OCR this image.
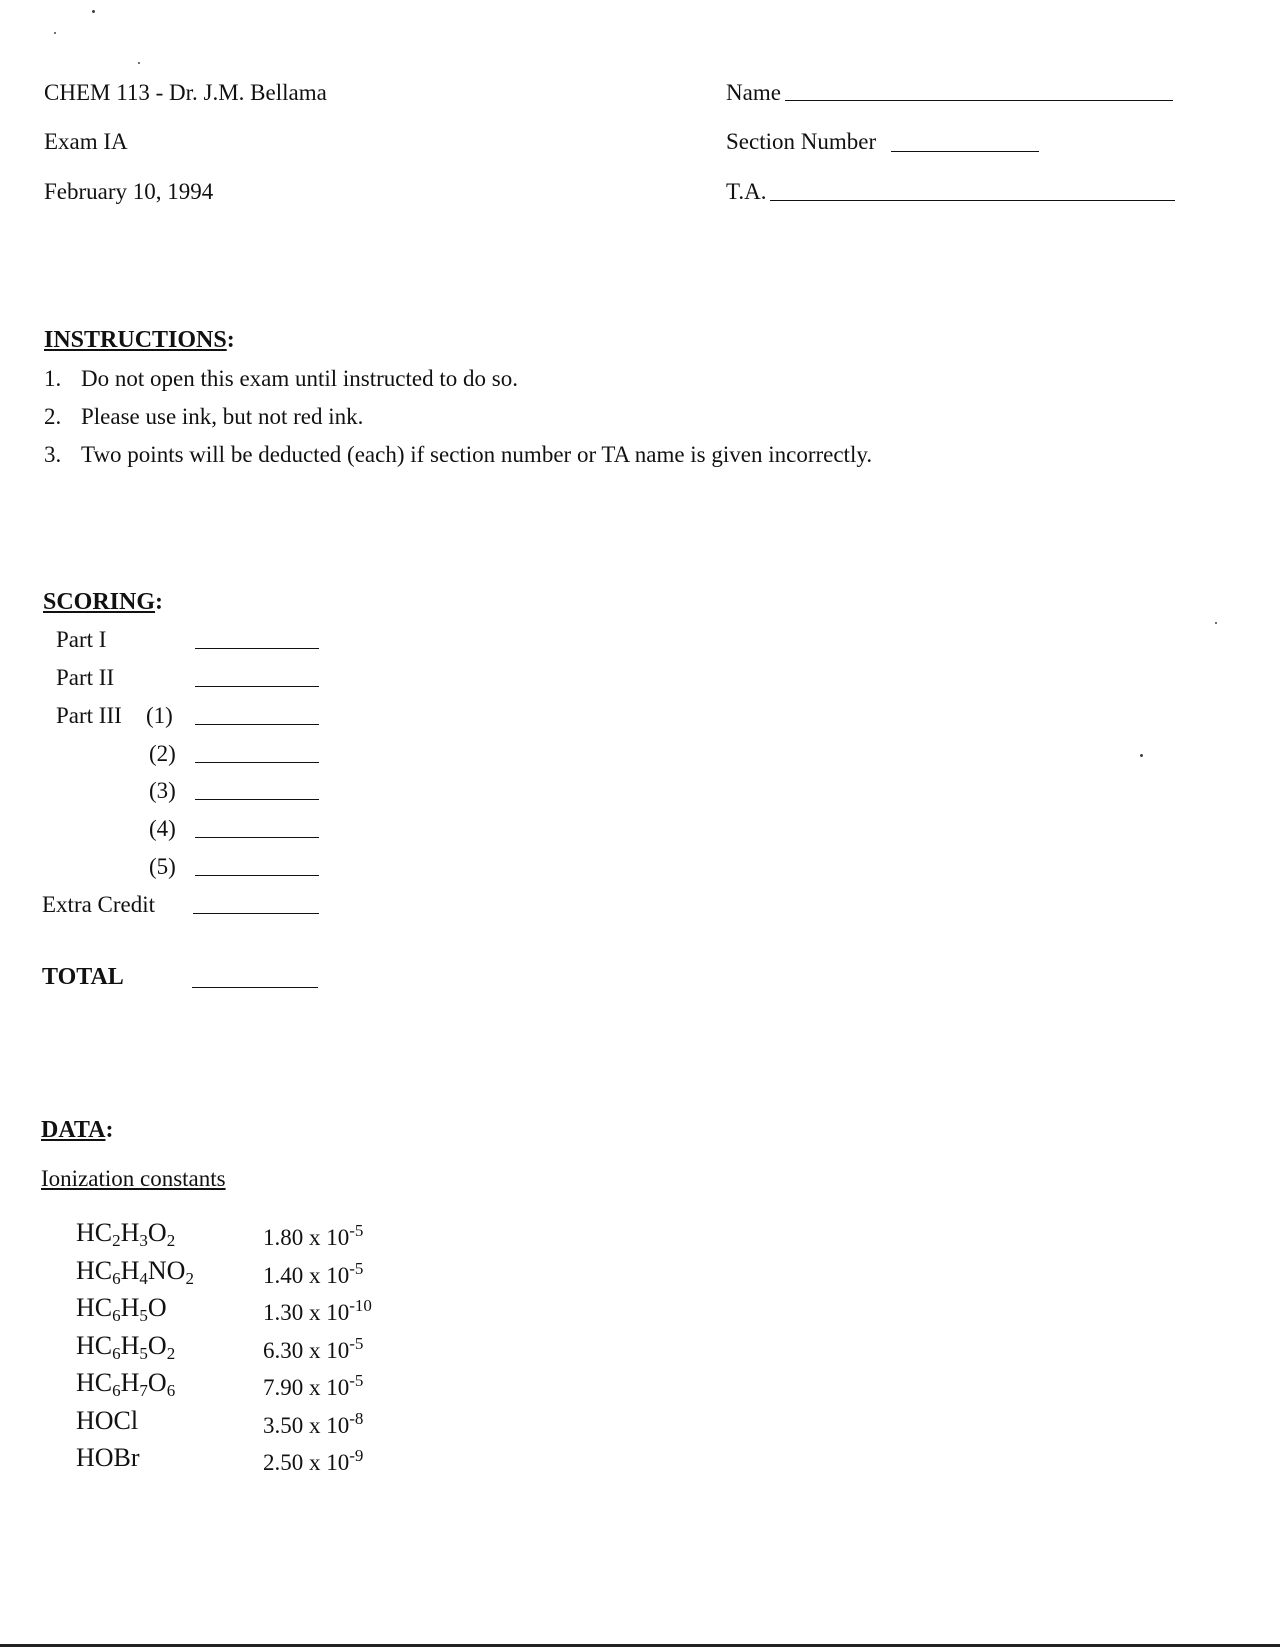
CHEM 113 - Dr. J.M. Bellama
Exam IA
February 10, 1994
Name
Section Number
T.A.
INSTRUCTIONS:
1. Do not open this exam until instructed to do so.
2. Please use ink, but not red ink.
3. Two points will be deducted (each) if section number or TA name is given incorrectly.
SCORING:
Part I
Part II
Part III (1)
(2)
(3)
(4)
(5)
Extra Credit
TOTAL
DATA:
Ionization constants
$HC_2H_3O_2$	1.80 x $10^{-5}$
$HC_6H_4NO_2$	1.40 x $10^{-5}$
$HC_6H_5O$	1.30 x $10^{-10}$
$HC_6H_5O_2$	6.30 x $10^{-5}$
$HC_6H_7O_6$	7.90 x $10^{-5}$
HOCl	3.50 x $10^{-8}$
HOBr	2.50 x $10^{-9}$
